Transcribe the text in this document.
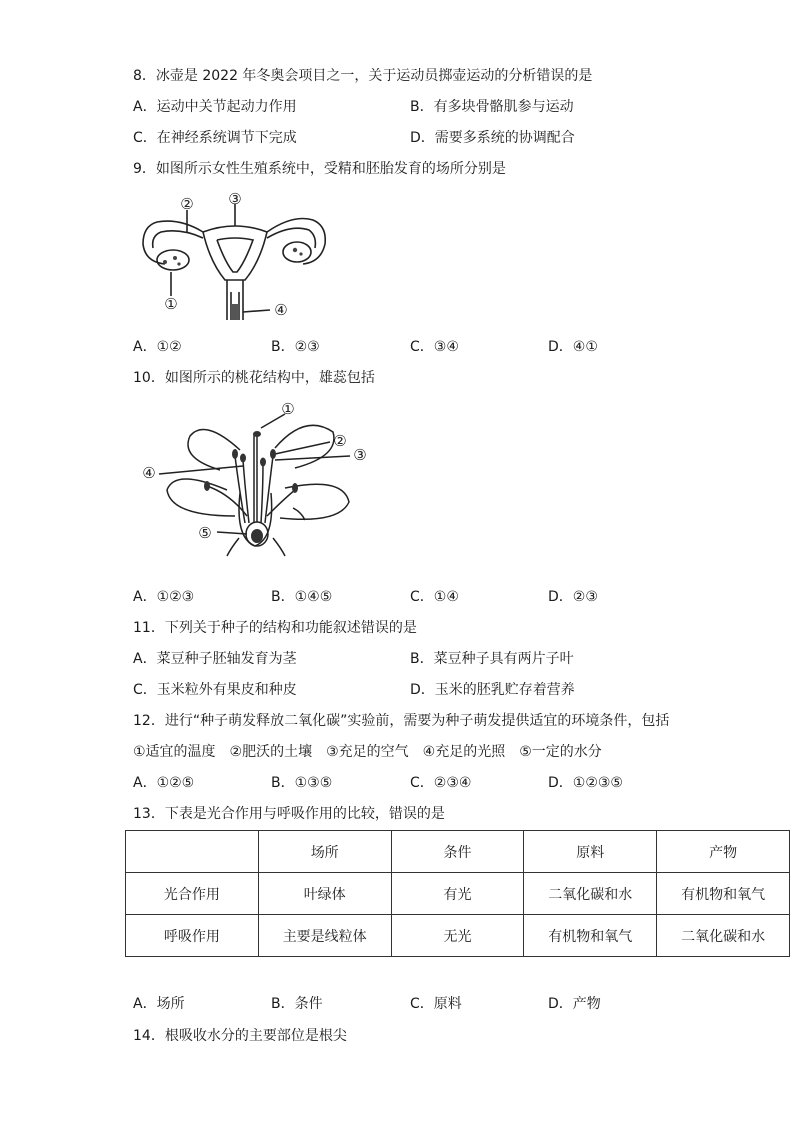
8．冰壶是 2022 年冬奥会项目之一，关于运动员掷壶运动的分析错误的是
A．运动中关节起动力作用	B．有多块骨骼肌参与运动
C．在神经系统调节下完成	D．需要多系统的协调配合
9．如图所示女性生殖系统中，受精和胚胎发育的场所分别是
② ③
①	④
A．①②	B．②③	C．③④	D．④①
10．如图所示的桃花结构中，雄蕊包括
①
②
③
④
⑤
A．①②③	B．①④⑤	C．①④	D．②③
11．下列关于种子的结构和功能叙述错误的是
A．菜豆种子胚轴发育为茎	B．菜豆种子具有两片子叶
C．玉米粒外有果皮和种皮	D．玉米的胚乳贮存着营养
12．进行“种子萌发释放二氧化碳”实验前，需要为种子萌发提供适宜的环境条件，包括
①适宜的温度　②肥沃的土壤　③充足的空气　④充足的光照　⑤一定的水分
A．①②⑤	B．①③⑤	C．②③④	D．①②③⑤
13．下表是光合作用与呼吸作用的比较，错误的是
	场所	条件	原料	产物
光合作用	叶绿体	有光	二氧化碳和水	有机物和氧气
呼吸作用	主要是线粒体	无光	有机物和氧气	二氧化碳和水
A．场所	B．条件	C．原料	D．产物
14．根吸收水分的主要部位是根尖
